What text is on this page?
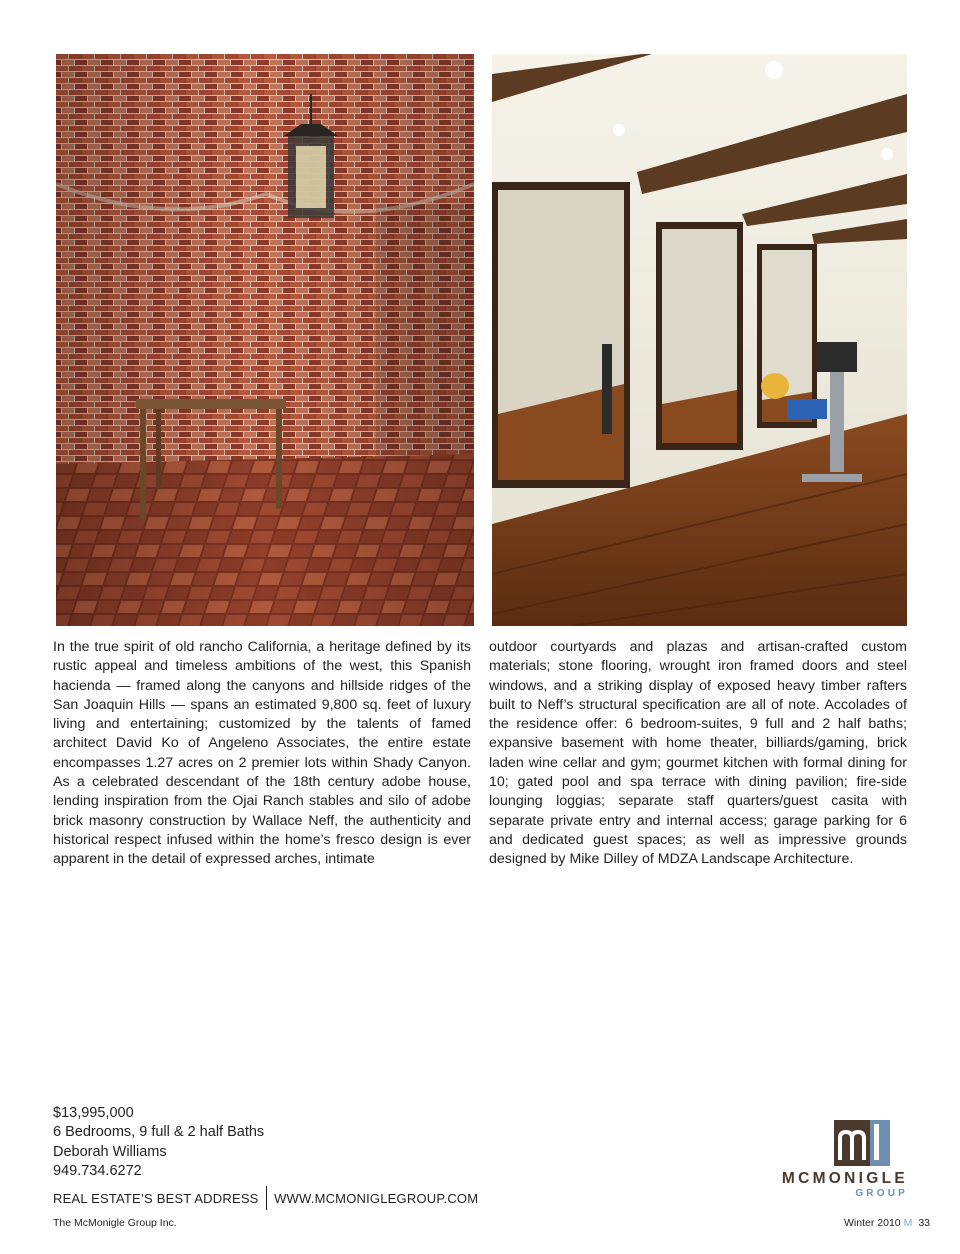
In the true spirit of old rancho California, a heritage defined by its rustic appeal and timeless ambitions of the west, this Spanish hacienda — framed along the canyons and hillside ridges of the San Joaquin Hills — spans an estimated 9,800 sq. feet of luxury living and entertaining; customized by the talents of famed architect David Ko of Angeleno Associates, the entire estate encompasses 1.27 acres on 2 premier lots within Shady Canyon. As a celebrated descendant of the 18th century adobe house, lending inspiration from the Ojai Ranch stables and silo of adobe brick masonry construction by Wallace Neff, the authenticity and historical respect infused within the home’s fresco design is ever apparent in the detail of expressed arches, intimate

outdoor courtyards and plazas and artisan-crafted custom materials; stone flooring, wrought iron framed doors and steel windows, and a striking display of exposed heavy timber rafters built to Neff’s structural specification are all of note. Accolades of the residence offer: 6 bedroom-suites, 9 full and 2 half baths; expansive basement with home theater, billiards/gaming, brick laden wine cellar and gym; gourmet kitchen with formal dining for 10; gated pool and spa terrace with dining pavilion; fire-side lounging loggias; separate staff quarters/guest casita with separate private entry and internal access; garage parking for 6 and dedicated guest spaces; as well as impressive grounds designed by Mike Dilley of MDZA Landscape Architecture.

$13,995,000
6 Bedrooms, 9 full & 2 half Baths
Deborah Williams
949.734.6272
REAL ESTATE’S BEST ADDRESS WWW.MCMONIGLEGROUP.COM
MCMONIGLE
GROUP
The McMonigle Group Inc.	Winter 2010 M 33
